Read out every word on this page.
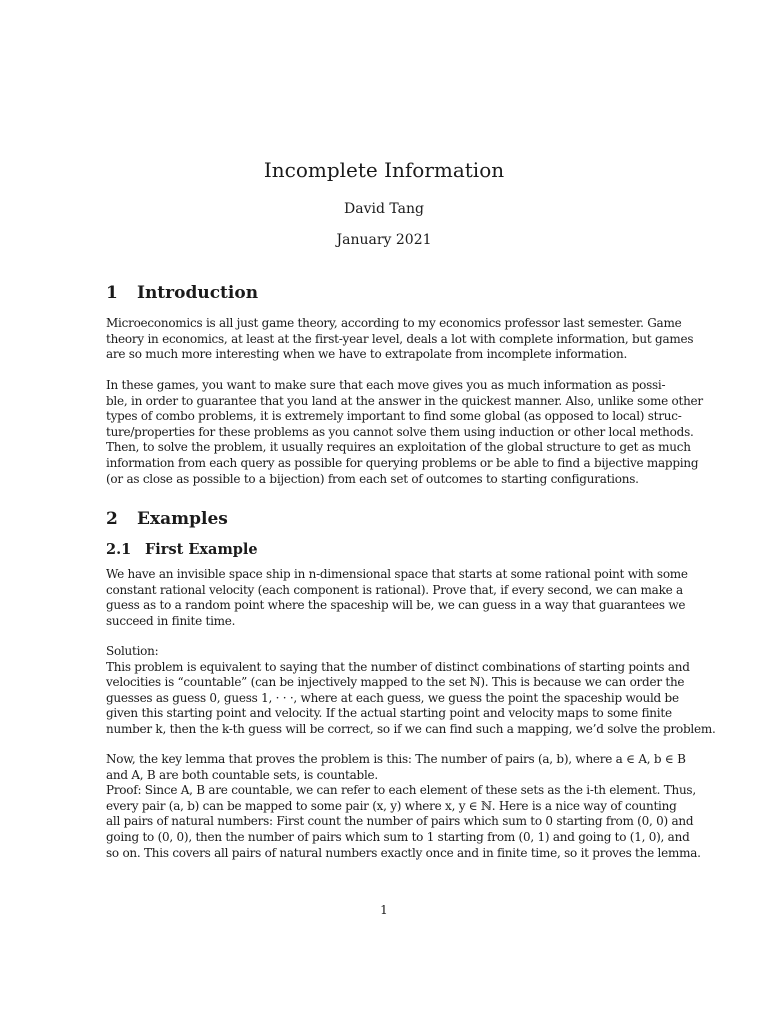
Incomplete Information
David Tang
January 2021
1 Introduction
Microeconomics is all just game theory, according to my economics professor last semester. Game
theory in economics, at least at the first-year level, deals a lot with complete information, but games
are so much more interesting when we have to extrapolate from incomplete information.
In these games, you want to make sure that each move gives you as much information as possi-
ble, in order to guarantee that you land at the answer in the quickest manner. Also, unlike some other
types of combo problems, it is extremely important to find some global (as opposed to local) struc-
ture/properties for these problems as you cannot solve them using induction or other local methods.
Then, to solve the problem, it usually requires an exploitation of the global structure to get as much
information from each query as possible for querying problems or be able to find a bijective mapping
(or as close as possible to a bijection) from each set of outcomes to starting configurations.
2 Examples
2.1 First Example
We have an invisible space ship in n-dimensional space that starts at some rational point with some
constant rational velocity (each component is rational). Prove that, if every second, we can make a
guess as to a random point where the spaceship will be, we can guess in a way that guarantees we
succeed in finite time.
Solution:
This problem is equivalent to saying that the number of distinct combinations of starting points and
velocities is “countable” (can be injectively mapped to the set ℕ). This is because we can order the
guesses as guess 0, guess 1, · · ·, where at each guess, we guess the point the spaceship would be
given this starting point and velocity. If the actual starting point and velocity maps to some finite
number k, then the k-th guess will be correct, so if we can find such a mapping, we’d solve the problem.
Now, the key lemma that proves the problem is this: The number of pairs (a, b), where a ∈ A, b ∈ B
and A, B are both countable sets, is countable.
Proof: Since A, B are countable, we can refer to each element of these sets as the i-th element. Thus,
every pair (a, b) can be mapped to some pair (x, y) where x, y ∈ ℕ. Here is a nice way of counting
all pairs of natural numbers: First count the number of pairs which sum to 0 starting from (0, 0) and
going to (0, 0), then the number of pairs which sum to 1 starting from (0, 1) and going to (1, 0), and
so on. This covers all pairs of natural numbers exactly once and in finite time, so it proves the lemma.
1
